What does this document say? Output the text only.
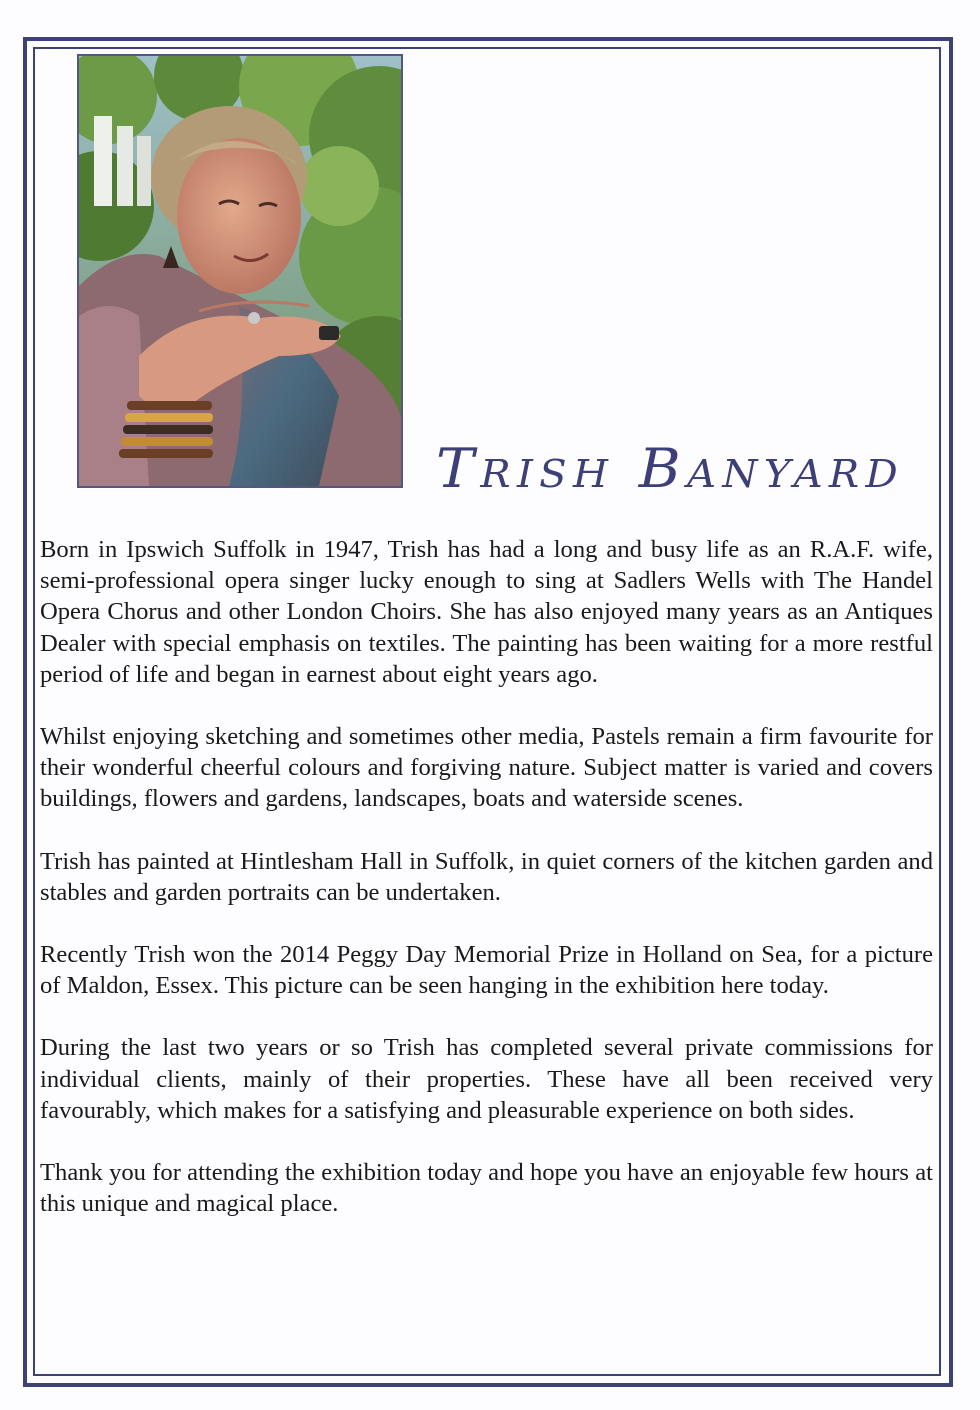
Trish Banyard

Born in Ipswich Suffolk in 1947, Trish has had a long and busy life as an R.A.F. wife, semi-professional opera singer lucky enough to sing at Sadlers Wells with The Handel Opera Chorus and other London Choirs. She has also enjoyed many years as an Antiques Dealer with special emphasis on textiles. The painting has been waiting for a more restful period of life and began in earnest about eight years ago.

Whilst enjoying sketching and sometimes other media, Pastels remain a firm favourite for their wonderful cheerful colours and forgiving nature. Subject matter is varied and covers buildings, flowers and gardens, landscapes, boats and waterside scenes.

Trish has painted at Hintlesham Hall in Suffolk, in quiet corners of the kitchen garden and stables and garden portraits can be undertaken.

Recently Trish won the 2014 Peggy Day Memorial Prize in Holland on Sea, for a picture of Maldon, Essex. This picture can be seen hanging in the exhibition here today.

During the last two years or so Trish has completed several private commissions for individual clients, mainly of their properties. These have all been received very favourably, which makes for a satisfying and pleasurable experience on both sides.

Thank you for attending the exhibition today and hope you have an enjoyable few hours at this unique and magical place.
